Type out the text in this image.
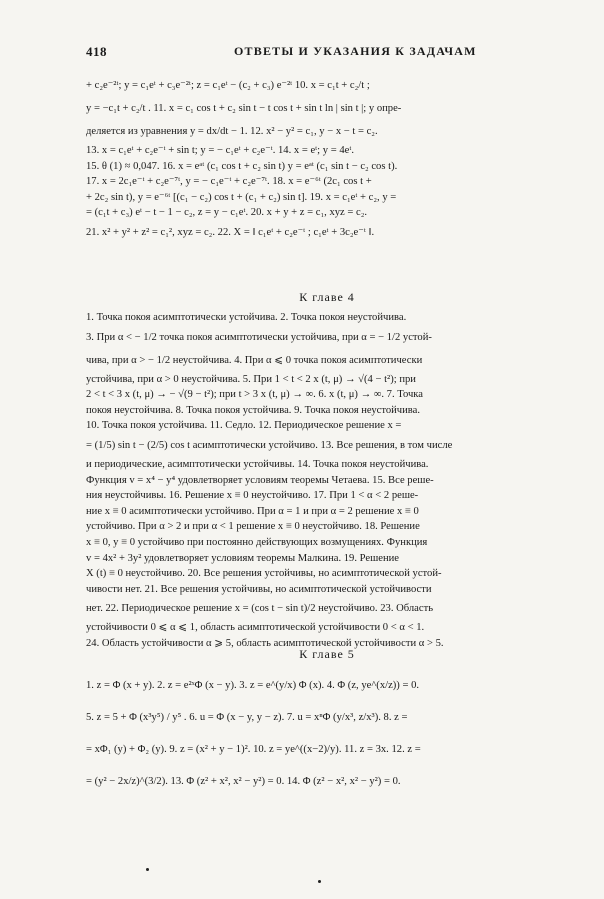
418	ОТВЕТЫ И УКАЗАНИЯ К ЗАДАЧАМ
+ c₂e⁻²ᵗ; y = c₁eᵗ + c₃e⁻²ᵗ; z = c₁eᵗ − (c₂ + c₃) e⁻²ᵗ 10. x = c₁t + c₂/t ;
y = −c₁t + c₂/t . 11. x = c₁ cos t + c₂ sin t − t cos t + sin t ln | sin t |; y опре-
деляется из уравнения y = dx/dt − 1. 12. x² − y² = c₁, y − x − t = c₂.
13. x = c₁eᵗ + c₂e⁻ᵗ + sin t; y = − c₁eᵗ + c₂e⁻ᵗ. 14. x = eᵗ; y = 4eᵗ.
15. θ (1) ≈ 0,047. 16. x = eᵃᵗ (c₁ cos t + c₂ sin t) y = eᵃᵗ (c₁ sin t − c₂ cos t).
17. x = 2c₁e⁻ᵗ + c₂e⁻⁷ᵗ, y = − c₁e⁻ᵗ + c₂e⁻⁷ᵗ. 18. x = e⁻⁶ᵗ (2c₁ cos t +
+ 2c₂ sin t), y = e⁻⁶ᵗ [(c₁ − c₂) cos t + (c₁ + c₂) sin t]. 19. x = c₁eᵗ + c₂, y =
= (c₁t + c₃) eᵗ − t − 1 − c₂, z = y − c₁eᵗ. 20. x + y + z = c₁, xyz = c₂.
21. x² + y² + z² = c₁², xyz = c₂. 22. X = ‖ c₁eᵗ + c₂e⁻ᵗ ; c₁eᵗ + 3c₂e⁻ᵗ ‖.
К главе 4
1. Точка покоя асимптотически устойчива. 2. Точка покоя неустойчива.
3. При α < − 1/2 точка покоя асимптотически устойчива, при α = − 1/2 устой-
чива, при α > − 1/2 неустойчива. 4. При α ⩽ 0 точка покоя асимптотически
устойчива, при α > 0 неустойчива. 5. При 1 < t < 2 x (t, μ) → √(4 − t²); при
2 < t < 3 x (t, μ) → − √(9 − t²); при t > 3 x (t, μ) → ∞. 6. x (t, μ) → ∞. 7. Точка
покоя неустойчива. 8. Точка покоя устойчива. 9. Точка покоя неустойчива.
10. Точка покоя устойчива. 11. Седло. 12. Периодическое решение x =
= (1/5) sin t − (2/5) cos t асимптотически устойчиво. 13. Все решения, в том числе
и периодические, асимптотически устойчивы. 14. Точка покоя неустойчива.
Функция v = x⁴ − y⁴ удовлетворяет условиям теоремы Четаева. 15. Все реше-
ния неустойчивы. 16. Решение x ≡ 0 неустойчиво. 17. При 1 < α < 2 реше-
ние x ≡ 0 асимптотически устойчиво. При α = 1 и при α = 2 решение x ≡ 0
устойчиво. При α > 2 и при α < 1 решение x ≡ 0 неустойчиво. 18. Решение
x ≡ 0, y ≡ 0 устойчиво при постоянно действующих возмущениях. Функция
v = 4x² + 3y² удовлетворяет условиям теоремы Малкина. 19. Решение
X (t) ≡ 0 неустойчиво. 20. Все решения устойчивы, но асимптотической устой-
чивости нет. 21. Все решения устойчивы, но асимптотической устойчивости
нет. 22. Периодическое решение x = (cos t − sin t)/2 неустойчиво. 23. Область
устойчивости 0 ⩽ α ⩽ 1, область асимптотической устойчивости 0 < α < 1.
24. Область устойчивости α ⩾ 5, область асимптотической устойчивости α > 5.
К главе 5
1. z = Φ (x + y). 2. z = e²ˣΦ (x − y). 3. z = e^(y/x) Φ (x). 4. Φ (z, ye^(x/z)) = 0.
5. z = 5 + Φ (x³y⁵) / y⁵ . 6. u = Φ (x − y, y − z). 7. u = xⁿΦ (y/x³, z/x³). 8. z =
= xΦ₁ (y) + Φ₂ (y). 9. z = (x² + y − 1)². 10. z = ye^((x−2)/y). 11. z = 3x. 12. z =
= (y² − 2x/z)^(3/2). 13. Φ (z² + x², x² − y²) = 0. 14. Φ (z² − x², x² − y²) = 0.
